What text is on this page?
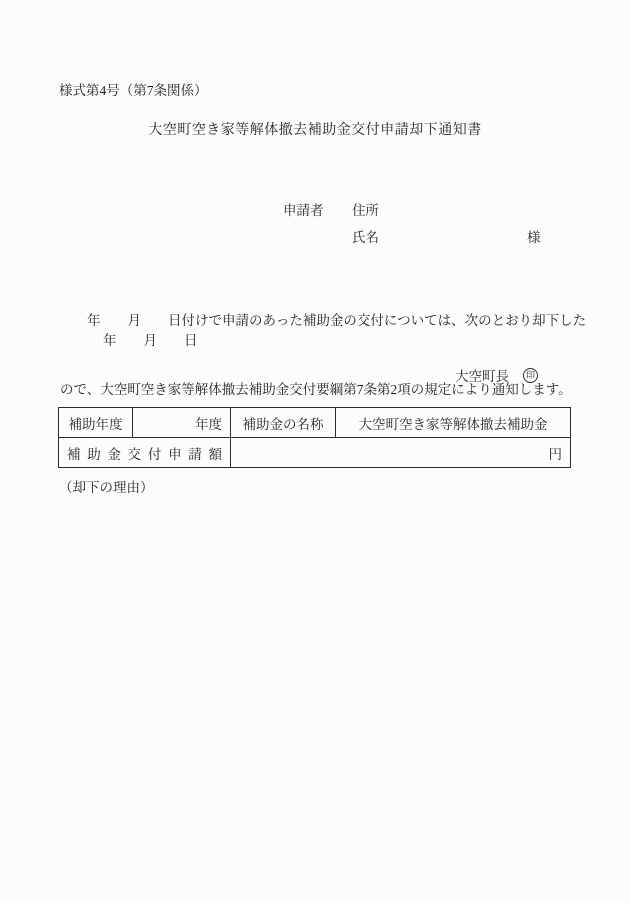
様式第4号（第7条関係）
大空町空き家等解体撤去補助金交付申請却下通知書
申請者 住所
氏名	様

　　年　　月　　日付けで申請のあった補助金の交付については、次のとおり却下した

ので、大空町空き家等解体撤去補助金交付要綱第7条第2項の規定により通知します。

年　　月　　日
大空町長	印
補助年度	年度	補助金の名称	大空町空き家等解体撤去補助金
補 助 金 交 付 申 請 額		円	
（却下の理由）
